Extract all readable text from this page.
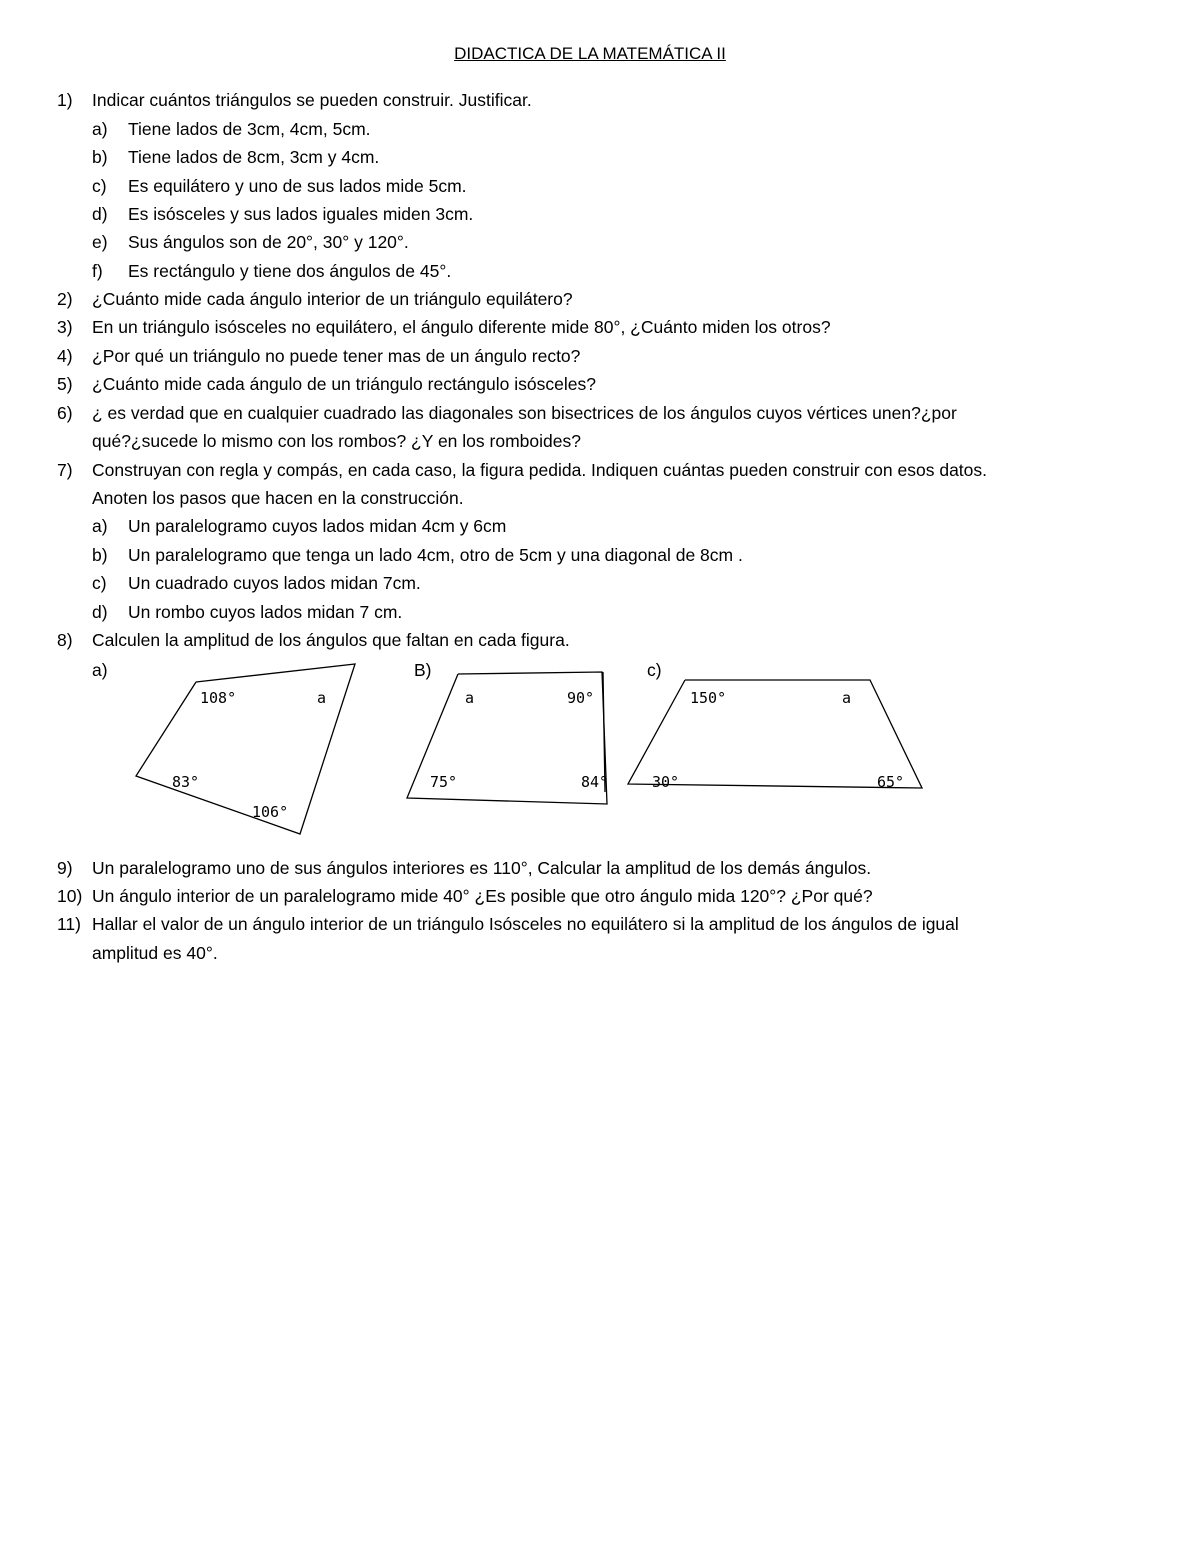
DIDACTICA DE LA MATEMÁTICA II
1) Indicar cuántos triángulos se pueden construir. Justificar.
a) Tiene lados de 3cm, 4cm, 5cm.
b) Tiene lados de 8cm, 3cm y 4cm.
c) Es equilátero y uno de sus lados mide 5cm.
d) Es isósceles y sus lados iguales miden 3cm.
e) Sus ángulos son de 20°, 30° y 120°.
f) Es rectángulo y tiene dos ángulos de 45°.
2) ¿Cuánto mide cada ángulo interior de un triángulo equilátero?
3) En un triángulo isósceles no equilátero, el ángulo diferente mide 80°, ¿Cuánto miden los otros?
4) ¿Por qué un triángulo no puede tener mas de un ángulo recto?
5) ¿Cuánto mide cada ángulo de un triángulo rectángulo isósceles?
6) ¿ es verdad que en cualquier cuadrado las diagonales son bisectrices de los ángulos cuyos vértices unen?¿por
qué?¿sucede lo mismo con los rombos? ¿Y en los romboides?
7) Construyan con regla y compás, en cada caso, la figura pedida. Indiquen cuántas pueden construir con esos datos.
Anoten los pasos que hacen en la construcción.
a) Un paralelogramo cuyos lados midan 4cm y 6cm
b) Un paralelogramo que tenga un lado 4cm, otro de 5cm y una diagonal de 8cm .
c) Un cuadrado cuyos lados midan 7cm.
d) Un rombo cuyos lados midan 7 cm.
8) Calculen la amplitud de los ángulos que faltan en cada figura.
a)	B)	c)
108°	a
83°
106°
a	90°
75°	84°
150°	a
30°	65°
9) Un paralelogramo uno de sus ángulos interiores es 110°, Calcular la amplitud de los demás ángulos.
10) Un ángulo interior de un paralelogramo mide 40° ¿Es posible que otro ángulo mida 120°? ¿Por qué?
11) Hallar el valor de un ángulo interior de un triángulo Isósceles no equilátero si la amplitud de los ángulos de igual
amplitud es 40°.
